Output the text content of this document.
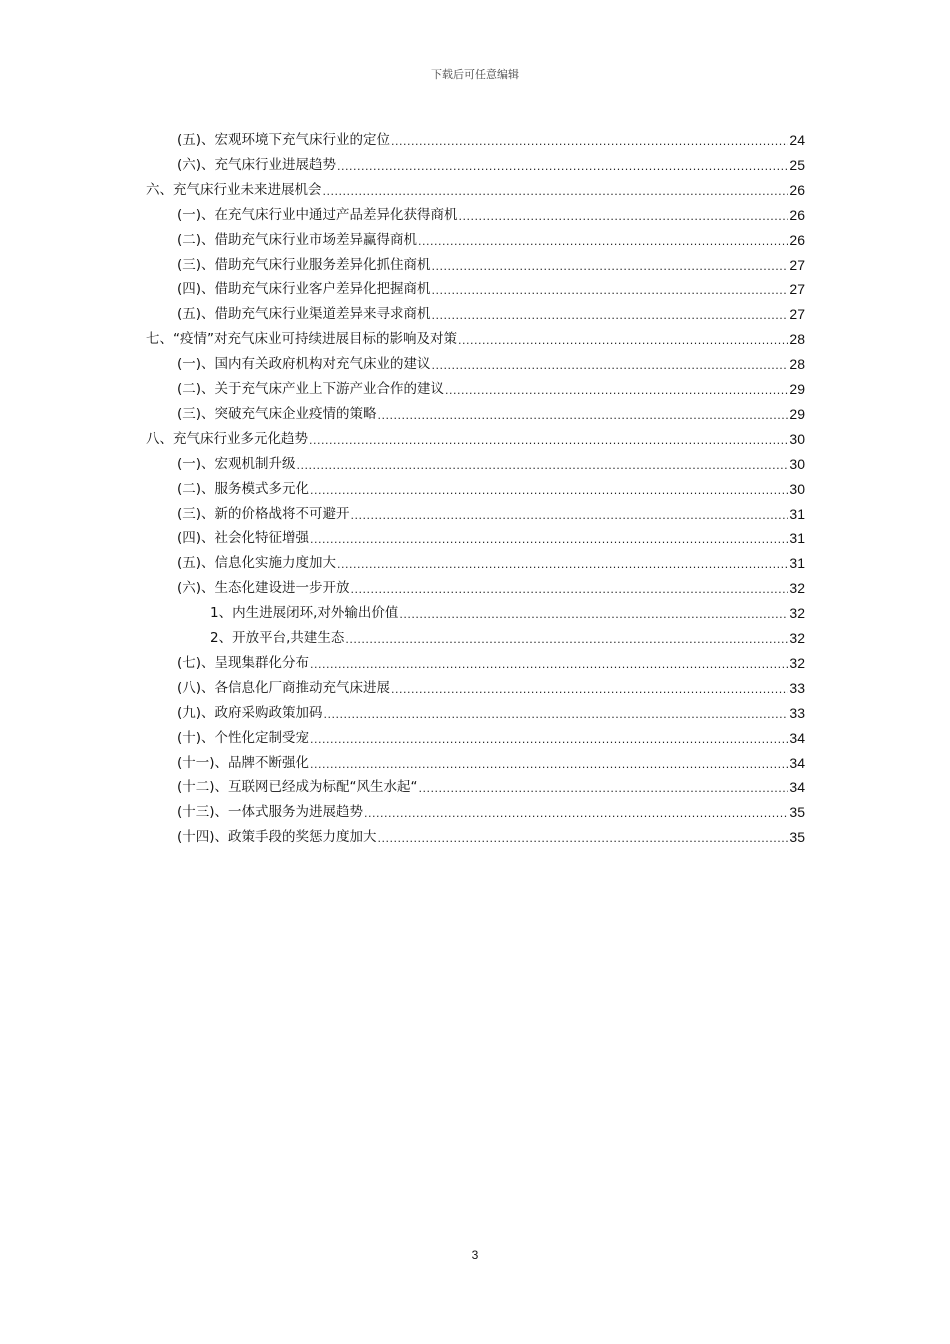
下载后可任意编辑
(五)、宏观环境下充气床行业的定位 .....	24
(六)、充气床行业进展趋势 .....	25
六、充气床行业未来进展机会 .....	26
(一)、在充气床行业中通过产品差异化获得商机 .....	26
(二)、借助充气床行业市场差异赢得商机 .....	26
(三)、借助充气床行业服务差异化抓住商机 .....	27
(四)、借助充气床行业客户差异化把握商机 .....	27
(五)、借助充气床行业渠道差异来寻求商机 .....	27
七、“疫情”对充气床业可持续进展目标的影响及对策 .....	28
(一)、国内有关政府机构对充气床业的建议 .....	28
(二)、关于充气床产业上下游产业合作的建议 .....	29
(三)、突破充气床企业疫情的策略 .....	29
八、充气床行业多元化趋势 .....	30
(一)、宏观机制升级 .....	30
(二)、服务模式多元化 .....	30
(三)、新的价格战将不可避开 .....	31
(四)、社会化特征增强 .....	31
(五)、信息化实施力度加大 .....	31
(六)、生态化建设进一步开放 .....	32
1、内生进展闭环,对外输出价值 .....	32
2、开放平台,共建生态 .....	32
(七)、呈现集群化分布 .....	32
(八)、各信息化厂商推动充气床进展 .....	33
(九)、政府采购政策加码 .....	33
(十)、个性化定制受宠 .....	34
(十一)、品牌不断强化 .....	34
(十二)、互联网已经成为标配“风生水起“ .....	34
(十三)、一体式服务为进展趋势 .....	35
(十四)、政策手段的奖惩力度加大 .....	35
3
